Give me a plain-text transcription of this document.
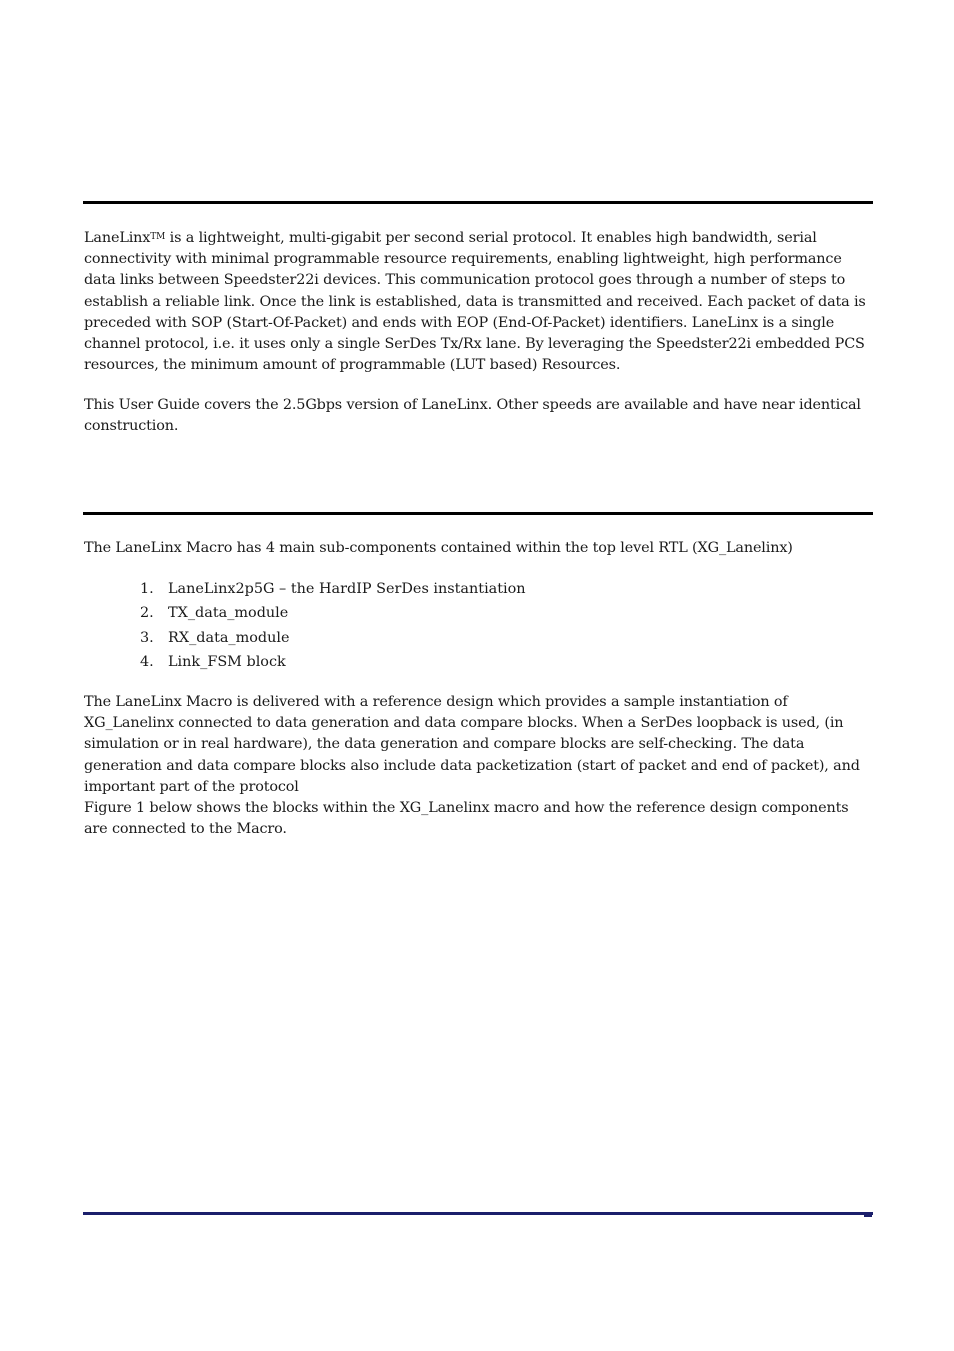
LaneLinx™ is a lightweight, multi-gigabit per second serial protocol. It enables high bandwidth, serial connectivity with minimal programmable resource requirements, enabling lightweight, high performance data links between Speedster22i devices. This communication protocol goes through a number of steps to establish a reliable link. Once the link is established, data is transmitted and received. Each packet of data is preceded with SOP (Start-Of-Packet) and ends with EOP (End-Of-Packet) identifiers. LaneLinx is a single channel protocol, i.e. it uses only a single SerDes Tx/Rx lane. By leveraging the Speedster22i embedded PCS resources, the minimum amount of programmable (LUT based) Resources.

This User Guide covers the 2.5Gbps version of LaneLinx. Other speeds are available and have near identical construction.

The LaneLinx Macro has 4 main sub-components contained within the top level RTL (XG_Lanelinx)

1. LaneLinx2p5G – the HardIP SerDes instantiation
2. TX_data_module
3. RX_data_module
4. Link_FSM block

The LaneLinx Macro is delivered with a reference design which provides a sample instantiation of XG_Lanelinx connected to data generation and data compare blocks. When a SerDes loopback is used, (in simulation or in real hardware), the data generation and compare blocks are self-checking. The data generation and data compare blocks also include data packetization (start of packet and end of packet), and important part of the protocol

Figure 1 below shows the blocks within the XG_Lanelinx macro and how the reference design components are connected to the Macro.
